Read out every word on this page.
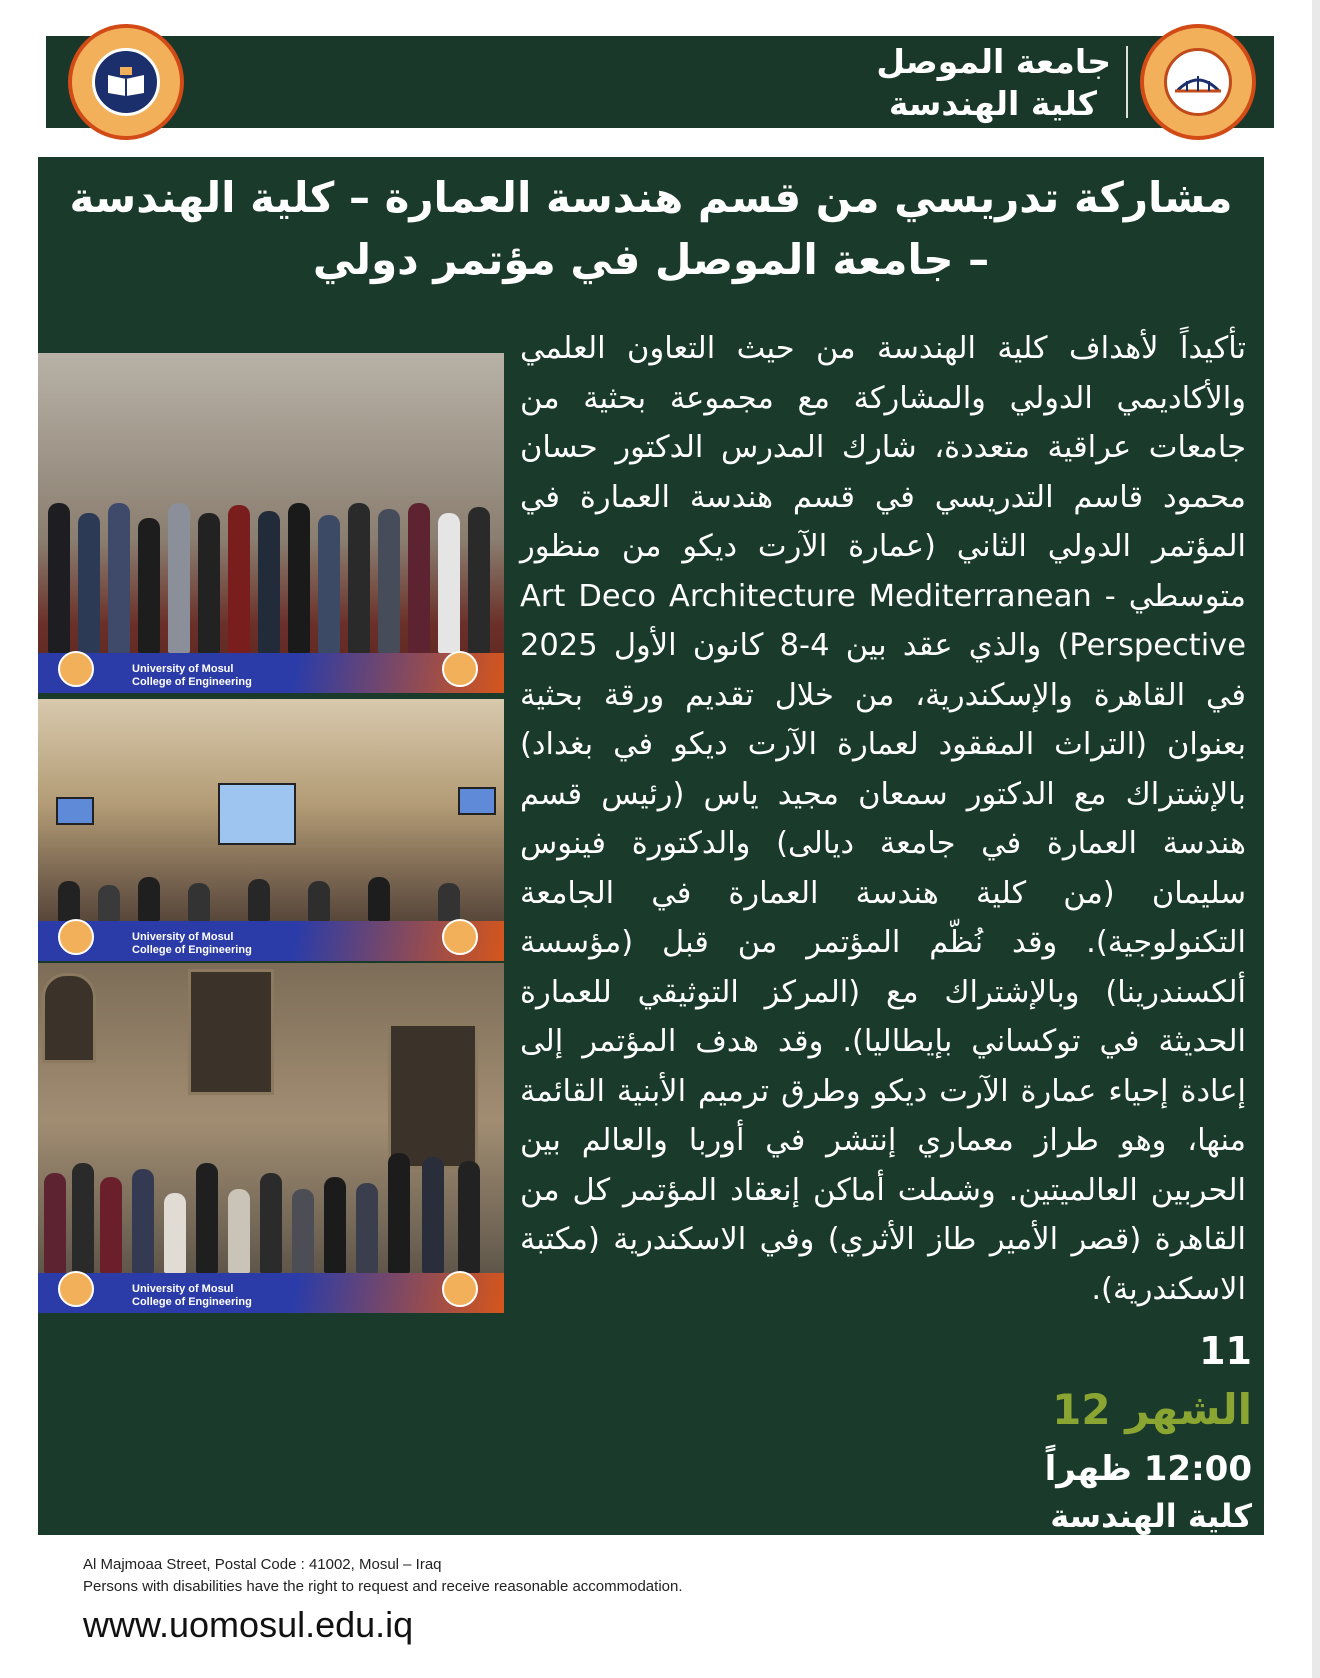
جامعة الموصل
كلية الهندسة
مشاركة تدريسي من قسم هندسة العمارة – كلية الهندسة – جامعة الموصل في مؤتمر دولي
University of Mosul
College of Engineering
University of Mosul
College of Engineering
University of Mosul
College of Engineering
تأكيداً لأهداف كلية الهندسة من حيث التعاون العلمي والأكاديمي الدولي والمشاركة مع مجموعة بحثية من جامعات عراقية متعددة، شارك المدرس الدكتور حسان محمود قاسم التدريسي في قسم هندسة العمارة في المؤتمر الدولي الثاني (عمارة الآرت ديكو من منظور متوسطي - Art Deco Architecture Mediterranean Perspective) والذي عقد بين 4-8 كانون الأول 2025 في القاهرة والإسكندرية، من خلال تقديم ورقة بحثية بعنوان (التراث المفقود لعمارة الآرت ديكو في بغداد) بالإشتراك مع الدكتور سمعان مجيد ياس (رئيس قسم هندسة العمارة في جامعة ديالى) والدكتورة فينوس سليمان (من كلية هندسة العمارة في الجامعة التكنولوجية). وقد نُظّم المؤتمر من قبل (مؤسسة ألكسندرينا) وبالإشتراك مع (المركز التوثيقي للعمارة الحديثة في توكساني بإيطاليا). وقد هدف المؤتمر إلى إعادة إحياء عمارة الآرت ديكو وطرق ترميم الأبنية القائمة منها، وهو طراز معماري إنتشر في أوربا والعالم بين الحربين العالميتين. وشملت أماكن إنعقاد المؤتمر كل من القاهرة (قصر الأمير طاز الأثري) وفي الاسكندرية (مكتبة الاسكندرية).
11
الشهر 12
12:00 ظهراً
كلية الهندسة
Al Majmoaa Street, Postal Code : 41002, Mosul – Iraq
Persons with disabilities have the right to request and receive reasonable accommodation.
www.uomosul.edu.iq
